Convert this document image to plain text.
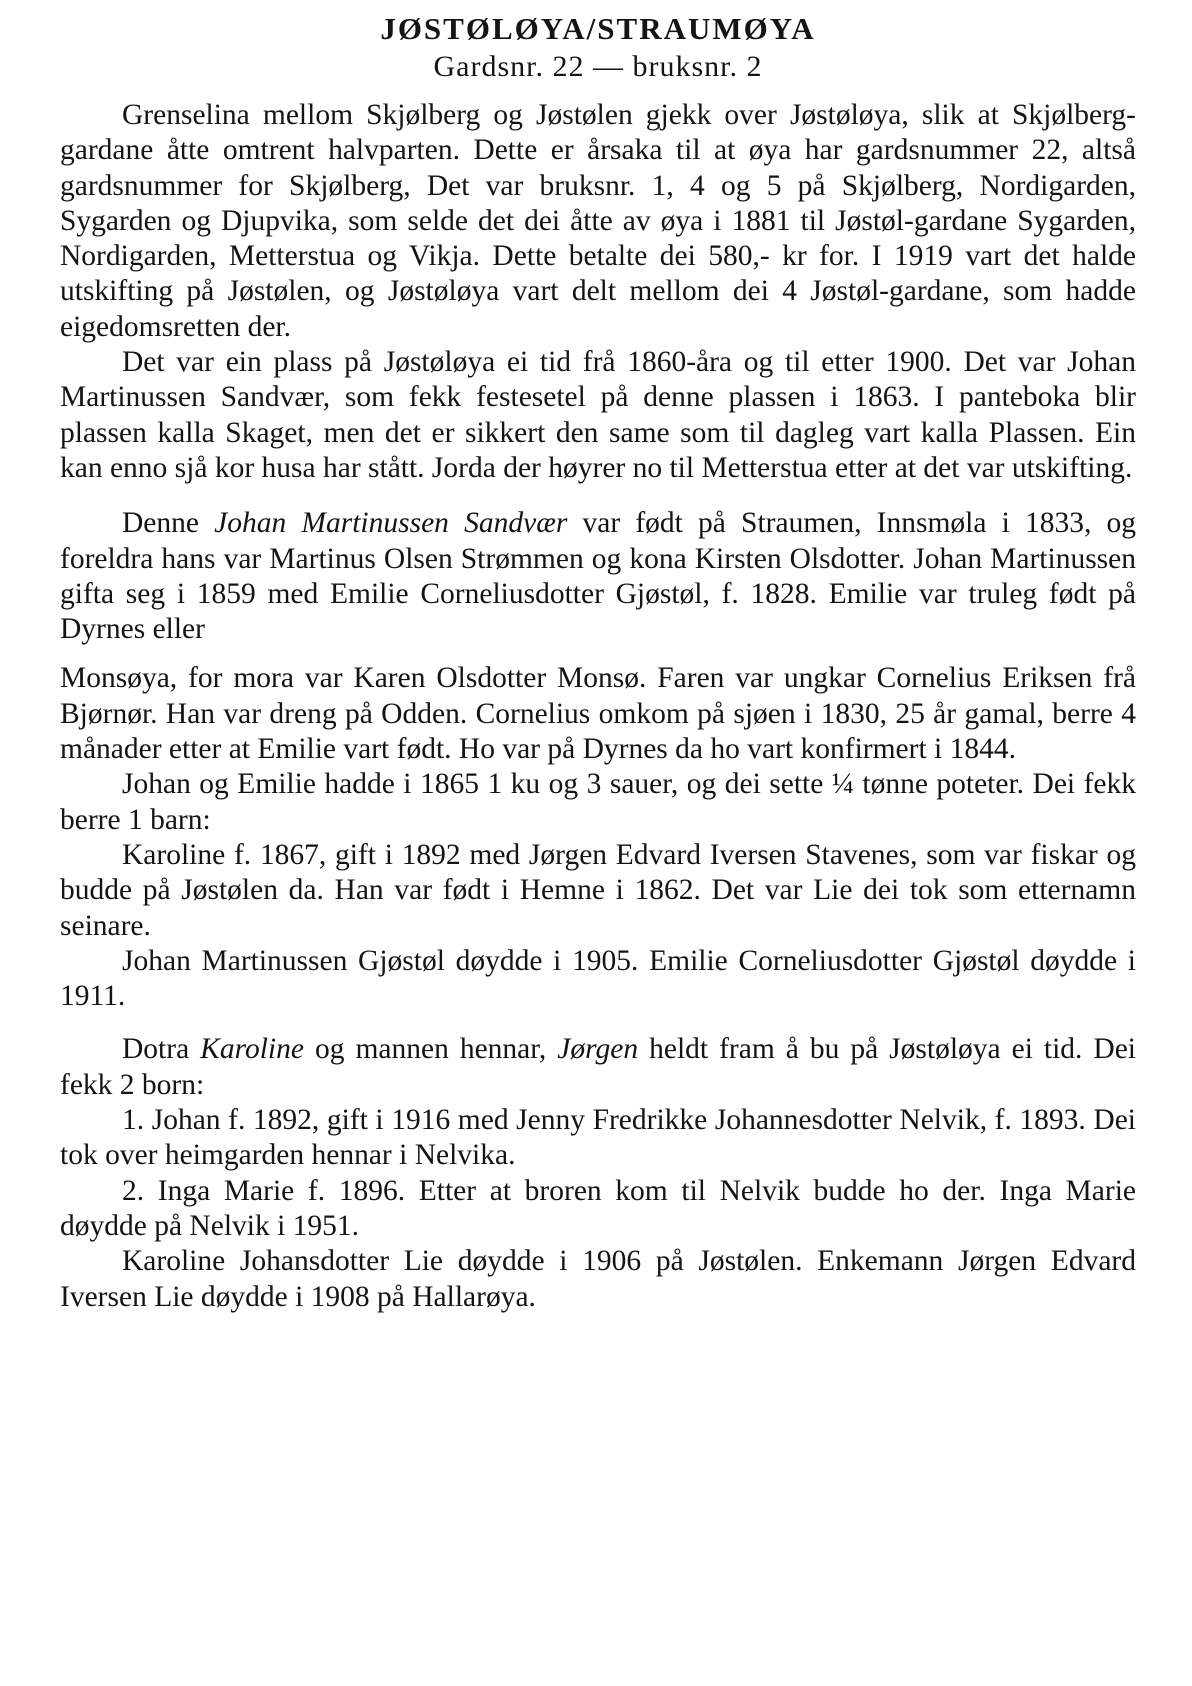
JØSTØLØYA/STRAUMØYA
Gardsnr. 22 — bruksnr. 2

Grenselina mellom Skjølberg og Jøstølen gjekk over Jøstøløya, slik at Skjølberg-gardane åtte omtrent halvparten. Dette er årsaka til at øya har gardsnummer 22, altså gardsnummer for Skjølberg, Det var bruksnr. 1, 4 og 5 på Skjølberg, Nordigarden, Sygarden og Djupvika, som selde det dei åtte av øya i 1881 til Jøstøl-gardane Sygarden, Nordigarden, Metterstua og Vikja. Dette betalte dei 580,- kr for. I 1919 vart det halde utskifting på Jøstølen, og Jøstøløya vart delt mellom dei 4 Jøstøl-gardane, som hadde eigedomsretten der.

Det var ein plass på Jøstøløya ei tid frå 1860-åra og til etter 1900. Det var Johan Martinussen Sandvær, som fekk festesetel på denne plassen i 1863. I panteboka blir plassen kalla Skaget, men det er sikkert den same som til dagleg vart kalla Plassen. Ein kan enno sjå kor husa har stått. Jorda der høyrer no til Metterstua etter at det var utskifting.

Denne Johan Martinussen Sandvær var født på Straumen, Innsmøla i 1833, og foreldra hans var Martinus Olsen Strømmen og kona Kirsten Olsdotter. Johan Martinussen gifta seg i 1859 med Emilie Corneliusdotter Gjøstøl, f. 1828. Emilie var truleg født på Dyrnes eller

Monsøya, for mora var Karen Olsdotter Monsø. Faren var ungkar Cornelius Eriksen frå Bjørnør. Han var dreng på Odden. Cornelius omkom på sjøen i 1830, 25 år gamal, berre 4 månader etter at Emilie vart født. Ho var på Dyrnes da ho vart konfirmert i 1844.

Johan og Emilie hadde i 1865 1 ku og 3 sauer, og dei sette ¼ tønne poteter. Dei fekk berre 1 barn:

Karoline f. 1867, gift i 1892 med Jørgen Edvard Iversen Stavenes, som var fiskar og budde på Jøstølen da. Han var født i Hemne i 1862. Det var Lie dei tok som etternamn seinare.

Johan Martinussen Gjøstøl døydde i 1905. Emilie Corneliusdotter Gjøstøl døydde i 1911.

Dotra Karoline og mannen hennar, Jørgen heldt fram å bu på Jøstøløya ei tid. Dei fekk 2 born:

1. Johan f. 1892, gift i 1916 med Jenny Fredrikke Johannesdotter Nelvik, f. 1893. Dei tok over heimgarden hennar i Nelvika.

2. Inga Marie f. 1896. Etter at broren kom til Nelvik budde ho der. Inga Marie døydde på Nelvik i 1951.

Karoline Johansdotter Lie døydde i 1906 på Jøstølen. Enkemann Jørgen Edvard Iversen Lie døydde i 1908 på Hallarøya.
